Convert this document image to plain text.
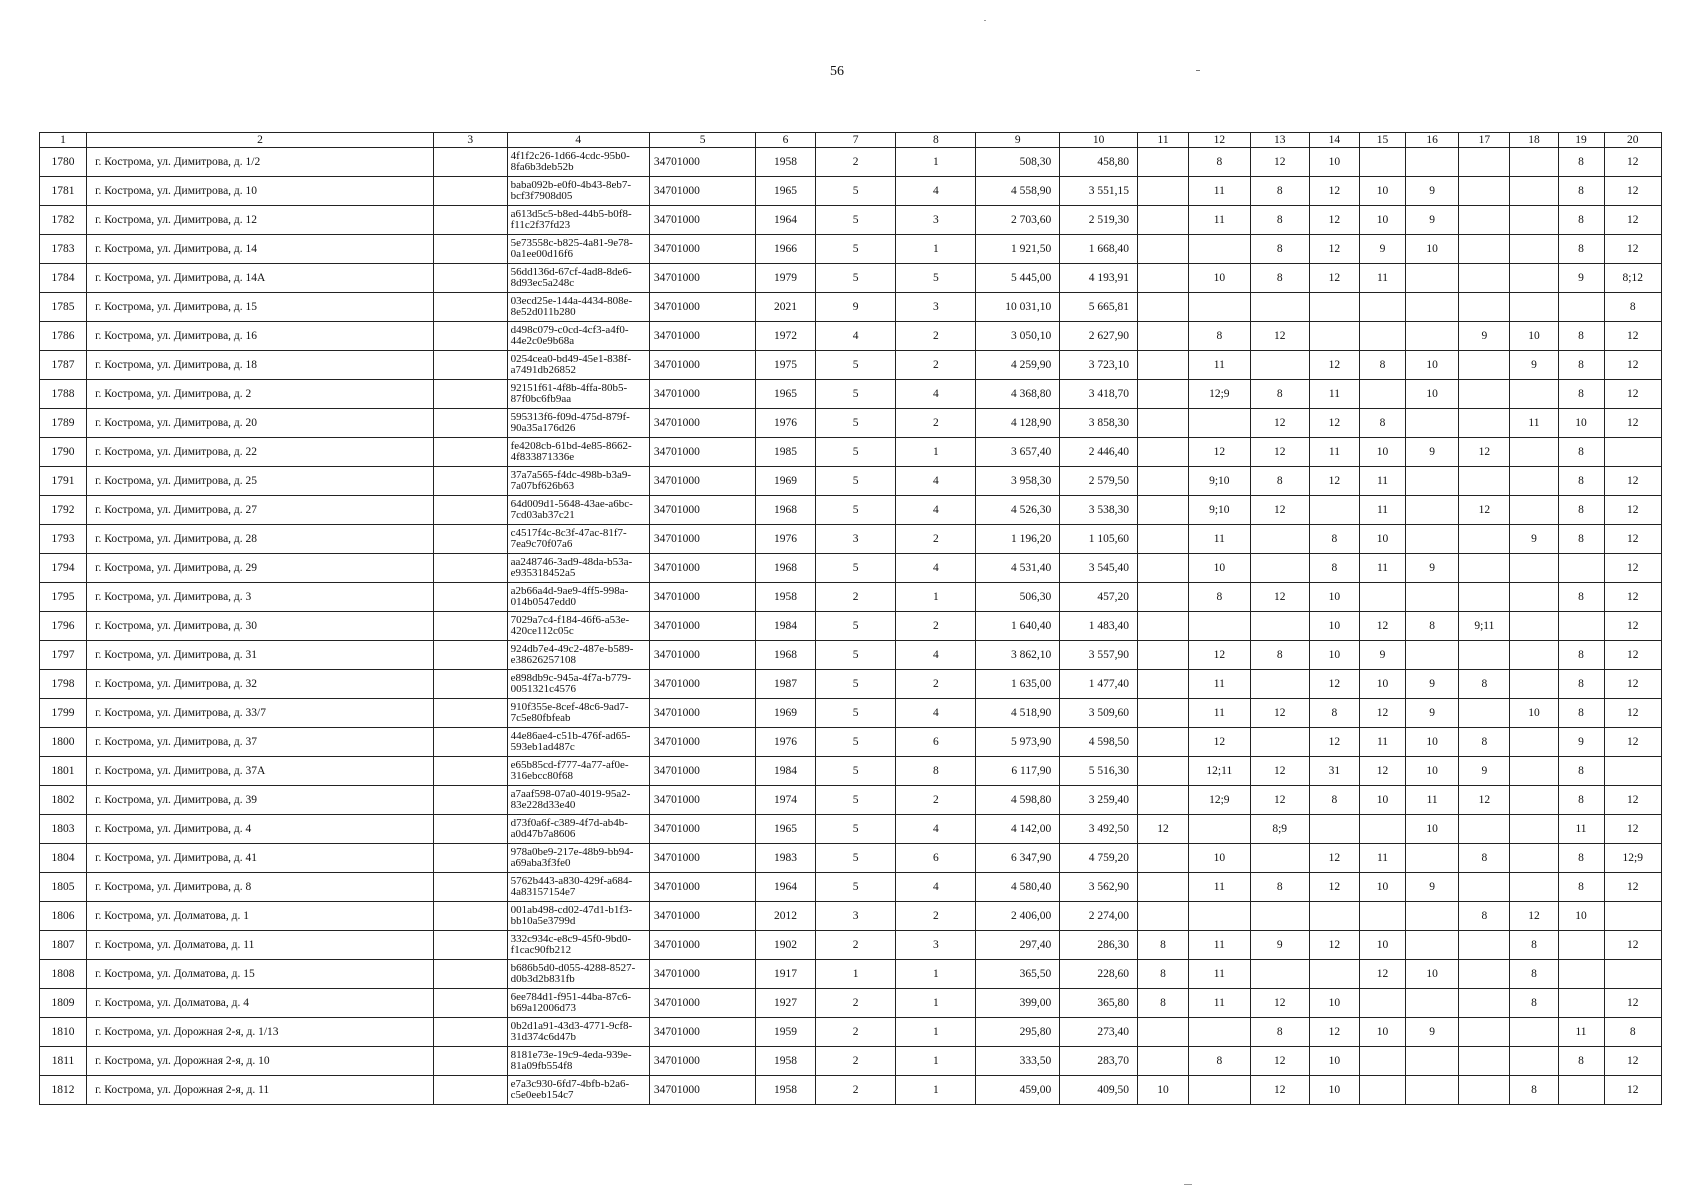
56
1	2	3	4	5	6	7	8	9	10	11	12	13	14	15	16	17	18	19	20
1780	г. Кострома, ул. Димитрова, д. 1/2		4f1f2c26-1d66-4cdc-95b0-8fa6b3deb52b	34701000	1958	2	1	508,30	458,80		8	12	10					8	12
1781	г. Кострома, ул. Димитрова, д. 10		baba092b-e0f0-4b43-8eb7-bcf3f7908d05	34701000	1965	5	4	4 558,90	3 551,15		11	8	12	10	9			8	12
1782	г. Кострома, ул. Димитрова, д. 12		a613d5c5-b8ed-44b5-b0f8-f11c2f37fd23	34701000	1964	5	3	2 703,60	2 519,30		11	8	12	10	9			8	12
1783	г. Кострома, ул. Димитрова, д. 14		5e73558c-b825-4a81-9e78-0a1ee00d16f6	34701000	1966	5	1	1 921,50	1 668,40			8	12	9	10			8	12
1784	г. Кострома, ул. Димитрова, д. 14А		56dd136d-67cf-4ad8-8de6-8d93ec5a248c	34701000	1979	5	5	5 445,00	4 193,91		10	8	12	11				9	8;12
1785	г. Кострома, ул. Димитрова, д. 15		03ecd25e-144a-4434-808e-8e52d011b280	34701000	2021	9	3	10 031,10	5 665,81										8
1786	г. Кострома, ул. Димитрова, д. 16		d498c079-c0cd-4cf3-a4f0-44e2c0e9b68a	34701000	1972	4	2	3 050,10	2 627,90		8	12				9	10	8	12
1787	г. Кострома, ул. Димитрова, д. 18		0254cea0-bd49-45e1-838f-a7491db26852	34701000	1975	5	2	4 259,90	3 723,10		11		12	8	10		9	8	12
1788	г. Кострома, ул. Димитрова, д. 2		92151f61-4f8b-4ffa-80b5-87f0bc6fb9aa	34701000	1965	5	4	4 368,80	3 418,70		12;9	8	11		10			8	12
1789	г. Кострома, ул. Димитрова, д. 20		595313f6-f09d-475d-879f-90a35a176d26	34701000	1976	5	2	4 128,90	3 858,30			12	12	8			11	10	12
1790	г. Кострома, ул. Димитрова, д. 22		fe4208cb-61bd-4e85-8662-4f833871336e	34701000	1985	5	1	3 657,40	2 446,40		12	12	11	10	9	12		8	
1791	г. Кострома, ул. Димитрова, д. 25		37a7a565-f4dc-498b-b3a9-7a07bf626b63	34701000	1969	5	4	3 958,30	2 579,50		9;10	8	12	11				8	12
1792	г. Кострома, ул. Димитрова, д. 27		64d009d1-5648-43ae-a6bc-7cd03ab37c21	34701000	1968	5	4	4 526,30	3 538,30		9;10	12		11		12		8	12
1793	г. Кострома, ул. Димитрова, д. 28		c4517f4c-8c3f-47ac-81f7-7ea9c70f07a6	34701000	1976	3	2	1 196,20	1 105,60		11		8	10			9	8	12
1794	г. Кострома, ул. Димитрова, д. 29		aa248746-3ad9-48da-b53a-e935318452a5	34701000	1968	5	4	4 531,40	3 545,40		10		8	11	9				12
1795	г. Кострома, ул. Димитрова, д. 3		a2b66a4d-9ae9-4ff5-998a-014b0547edd0	34701000	1958	2	1	506,30	457,20		8	12	10					8	12
1796	г. Кострома, ул. Димитрова, д. 30		7029a7c4-f184-46f6-a53e-420ce112c05c	34701000	1984	5	2	1 640,40	1 483,40				10	12	8	9;11			12
1797	г. Кострома, ул. Димитрова, д. 31		924db7e4-49c2-487e-b589-e38626257108	34701000	1968	5	4	3 862,10	3 557,90		12	8	10	9				8	12
1798	г. Кострома, ул. Димитрова, д. 32		e898db9c-945a-4f7a-b779-0051321c4576	34701000	1987	5	2	1 635,00	1 477,40		11		12	10	9	8		8	12
1799	г. Кострома, ул. Димитрова, д. 33/7		910f355e-8cef-48c6-9ad7-7c5e80fbfeab	34701000	1969	5	4	4 518,90	3 509,60		11	12	8	12	9		10	8	12
1800	г. Кострома, ул. Димитрова, д. 37		44e86ae4-c51b-476f-ad65-593eb1ad487c	34701000	1976	5	6	5 973,90	4 598,50		12		12	11	10	8		9	12
1801	г. Кострома, ул. Димитрова, д. 37А		e65b85cd-f777-4a77-af0e-316ebcc80f68	34701000	1984	5	8	6 117,90	5 516,30		12;11	12	31	12	10	9		8	
1802	г. Кострома, ул. Димитрова, д. 39		a7aaf598-07a0-4019-95a2-83e228d33e40	34701000	1974	5	2	4 598,80	3 259,40		12;9	12	8	10	11	12		8	12
1803	г. Кострома, ул. Димитрова, д. 4		d73f0a6f-c389-4f7d-ab4b-a0d47b7a8606	34701000	1965	5	4	4 142,00	3 492,50	12		8;9			10			11	12
1804	г. Кострома, ул. Димитрова, д. 41		978a0be9-217e-48b9-bb94-a69aba3f3fe0	34701000	1983	5	6	6 347,90	4 759,20		10		12	11		8		8	12;9
1805	г. Кострома, ул. Димитрова, д. 8		5762b443-a830-429f-a684-4a83157154e7	34701000	1964	5	4	4 580,40	3 562,90		11	8	12	10	9			8	12
1806	г. Кострома, ул. Долматова, д. 1		001ab498-cd02-47d1-b1f3-bb10a5e3799d	34701000	2012	3	2	2 406,00	2 274,00							8	12	10	
1807	г. Кострома, ул. Долматова, д. 11		332c934c-e8c9-45f0-9bd0-f1cac90fb212	34701000	1902	2	3	297,40	286,30	8	11	9	12	10			8		12
1808	г. Кострома, ул. Долматова, д. 15		b686b5d0-d055-4288-8527-d0b3d2b831fb	34701000	1917	1	1	365,50	228,60	8	11			12	10		8		
1809	г. Кострома, ул. Долматова, д. 4		6ee784d1-f951-44ba-87c6-b69a12006d73	34701000	1927	2	1	399,00	365,80	8	11	12	10				8		12
1810	г. Кострома, ул. Дорожная 2-я, д. 1/13		0b2d1a91-43d3-4771-9cf8-31d374c6d47b	34701000	1959	2	1	295,80	273,40			8	12	10	9			11	8
1811	г. Кострома, ул. Дорожная 2-я, д. 10		8181e73e-19c9-4eda-939e-81a09fb554f8	34701000	1958	2	1	333,50	283,70		8	12	10					8	12
1812	г. Кострома, ул. Дорожная 2-я, д. 11		e7a3c930-6fd7-4bfb-b2a6-c5e0eeb154c7	34701000	1958	2	1	459,00	409,50	10		12	10				8		12
